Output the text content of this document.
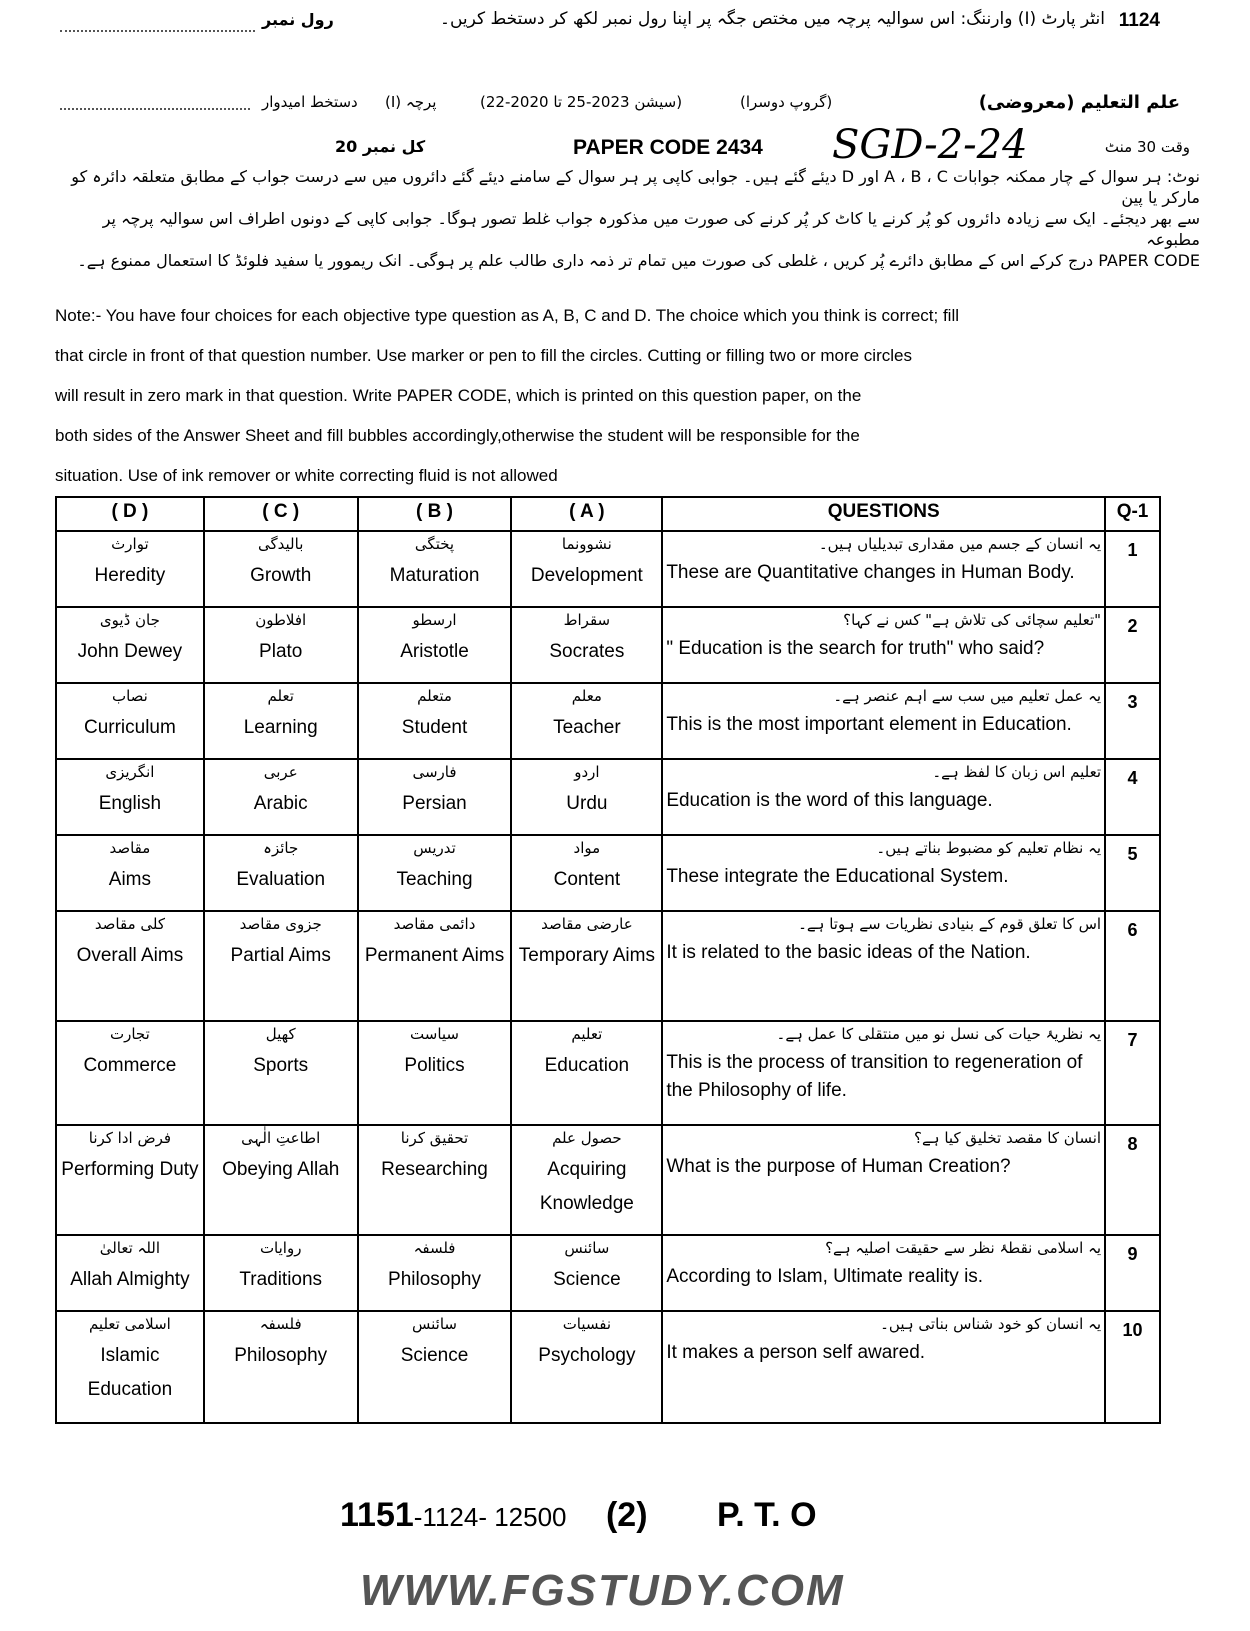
1124
انٹر پارٹ (I) وارننگ: اس سوالیہ پرچہ میں مختص جگہ پر اپنا رول نمبر لکھ کر دستخط کریں۔
رول نمبر
علم التعلیم (معروضی)
(گروپ دوسرا)
(سیشن 2023-25 تا 2020-22)
پرچہ (I)
دستخط امیدوار
وقت 30 منٹ
SGD-2-24
PAPER CODE 2434
کل نمبر 20
نوٹ: ہر سوال کے چار ممکنہ جوابات A ، B ، C اور D دیئے گئے ہیں۔ جوابی کاپی پر ہر سوال کے سامنے دیئے گئے دائروں میں سے درست جواب کے مطابق متعلقہ دائرہ کو مارکر یا پین
سے بھر دیجئے۔ ایک سے زیادہ دائروں کو پُر کرنے یا کاٹ کر پُر کرنے کی صورت میں مذکورہ جواب غلط تصور ہوگا۔ جوابی کاپی کے دونوں اطراف اس سوالیہ پرچہ پر مطبوعہ
PAPER CODE درج کرکے اس کے مطابق دائرے پُر کریں ، غلطی کی صورت میں تمام تر ذمہ داری طالب علم پر ہوگی۔ انک ریموور یا سفید فلوئڈ کا استعمال ممنوع ہے۔
Note:- You have four choices for each objective type question as A, B, C and D. The choice which you think is correct; fill
that circle in front of that question number. Use marker or pen to fill the circles. Cutting or filling two or more circles
will result in zero mark in that question. Write PAPER CODE, which is printed on this question paper, on the
both sides of the Answer Sheet and fill bubbles accordingly,otherwise the student will be responsible for the
situation. Use of ink remover or white correcting fluid is not allowed
( D )	( C )	( B )	( A )	QUESTIONS	Q-1

توارث
Heredity	بالیدگی
Growth	پختگی
Maturation	نشوونما
Development	یہ انسان کے جسم میں مقداری تبدیلیاں ہیں۔
These are Quantitative changes in Human Body.	1

جان ڈیوی
John Dewey	افلاطون
Plato	ارسطو
Aristotle	سقراط
Socrates	"تعلیم سچائی کی تلاش ہے" کس نے کہا؟
" Education is the search for truth" who said?	2

نصاب
Curriculum	تعلم
Learning	متعلم
Student	معلم
Teacher	یہ عمل تعلیم میں سب سے اہم عنصر ہے۔
This is the most important element in Education.	3

انگریزی
English	عربی
Arabic	فارسی
Persian	اردو
Urdu	تعلیم اس زبان کا لفظ ہے۔
Education is the word of this language.	4

مقاصد
Aims	جائزہ
Evaluation	تدریس
Teaching	مواد
Content	یہ نظام تعلیم کو مضبوط بناتے ہیں۔
These integrate the Educational System.	5

کلی مقاصد
Overall Aims	جزوی مقاصد
Partial Aims	دائمی مقاصد
Permanent Aims	عارضی مقاصد
Temporary Aims	اس کا تعلق قوم کے بنیادی نظریات سے ہوتا ہے۔
It is related to the basic ideas of the Nation.	6

تجارت
Commerce	کھیل
Sports	سیاست
Politics	تعلیم
Education	یہ نظریۂ حیات کی نسل نو میں منتقلی کا عمل ہے۔
This is the process of transition to regeneration of the Philosophy of life.	7

فرض ادا کرنا
Performing Duty	اطاعتِ الٰہی
Obeying Allah	تحقیق کرنا
Researching	حصول علم
Acquiring Knowledge	انسان کا مقصد تخلیق کیا ہے؟
What is the purpose of Human Creation?	8

اللہ تعالیٰ
Allah Almighty	روایات
Traditions	فلسفہ
Philosophy	سائنس
Science	یہ اسلامی نقطۂ نظر سے حقیقت اصلیہ ہے؟
According to Islam, Ultimate reality is.	9

اسلامی تعلیم
Islamic Education	فلسفہ
Philosophy	سائنس
Science	نفسیات
Psychology	یہ انسان کو خود شناس بناتی ہیں۔
It makes a person self awared.	10
1151-1124- 12500 (2) P. T. O
WWW.FGSTUDY.COM
